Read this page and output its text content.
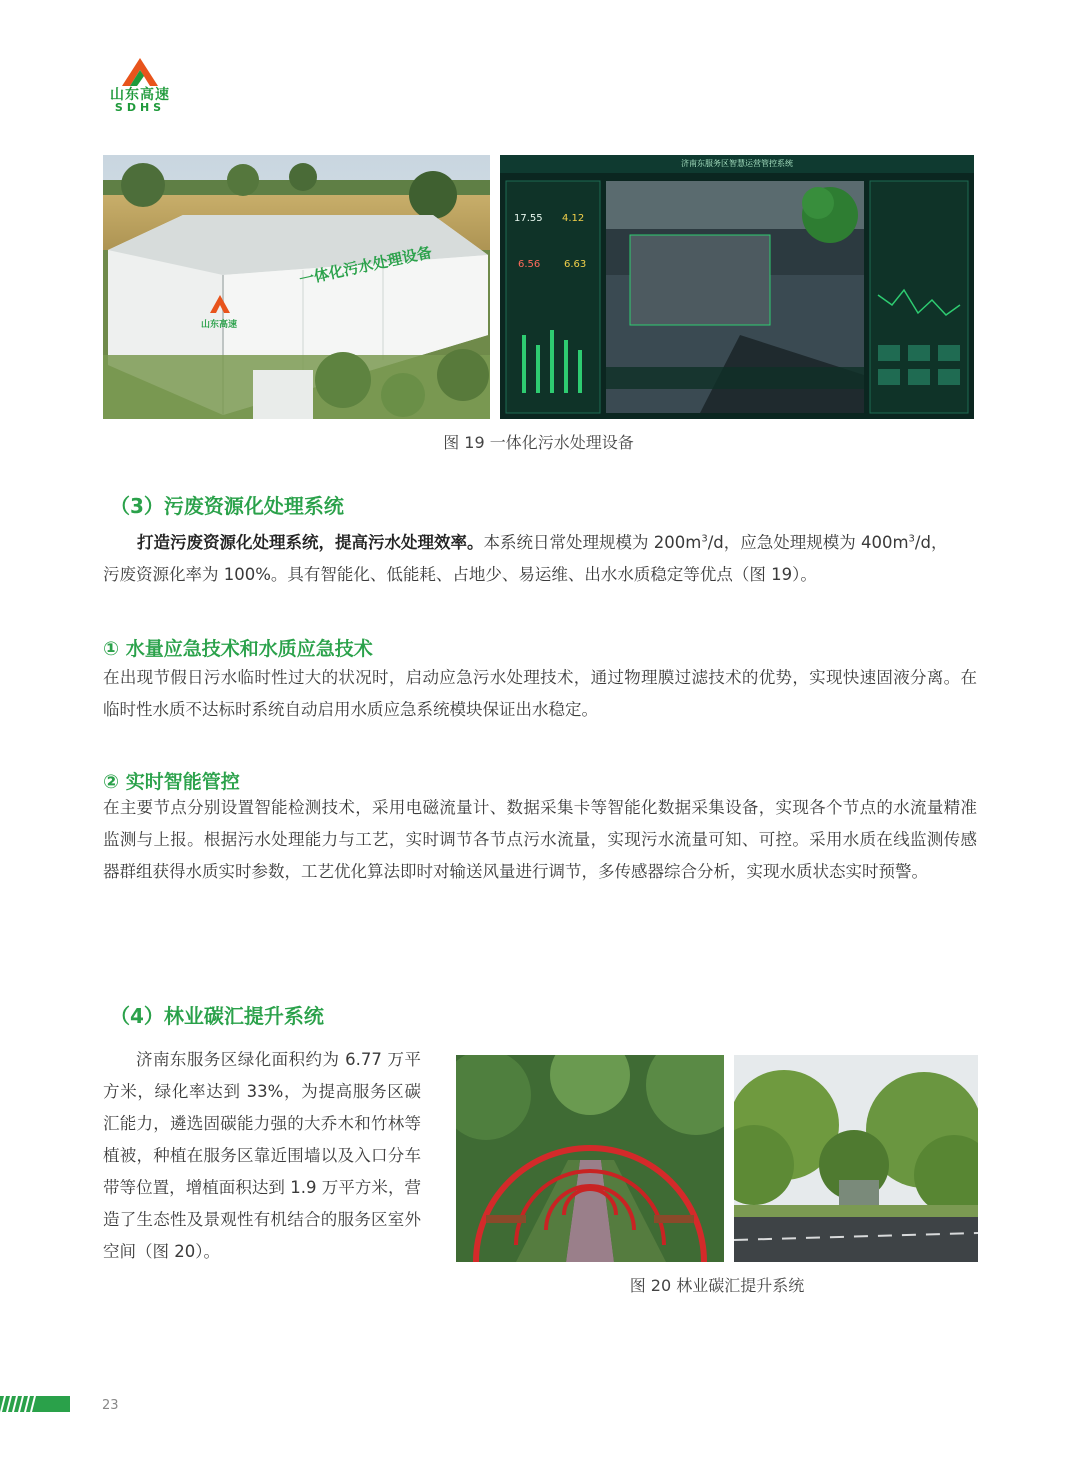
山东高速
SDHS
一体化污水处理设备
山东高速
济南东服务区智慧运营管控系统
17.55 4.12
6.56 6.63
图 19 一体化污水处理设备
（3）污废资源化处理系统

打造污废资源化处理系统，提高污水处理效率。本系统日常处理规模为 $200m^3/d$，应急处理规模为 $400m^3/d$，
污废资源化率为 100%。具有智能化、低能耗、占地少、易运维、出水水质稳定等优点（图 19）。

① 水量应急技术和水质应急技术

在出现节假日污水临时性过大的状况时，启动应急污水处理技术，通过物理膜过滤技术的优势，实现快速固液分离。在临时性水质不达标时系统自动启用水质应急系统模块保证出水稳定。

② 实时智能管控

在主要节点分别设置智能检测技术，采用电磁流量计、数据采集卡等智能化数据采集设备，实现各个节点的水流量精准监测与上报。根据污水处理能力与工艺，实时调节各节点污水流量，实现污水流量可知、可控。采用水质在线监测传感器群组获得水质实时参数，工艺优化算法即时对输送风量进行调节，多传感器综合分析，实现水质状态实时预警。

（4）林业碳汇提升系统

济南东服务区绿化面积约为 6.77 万平方米，绿化率达到 33%，为提高服务区碳汇能力，遴选固碳能力强的大乔木和竹林等植被，种植在服务区靠近围墙以及入口分车带等位置，增植面积达到 1.9 万平方米，营造了生态性及景观性有机结合的服务区室外空间（图 20）。

图 20 林业碳汇提升系统
23
